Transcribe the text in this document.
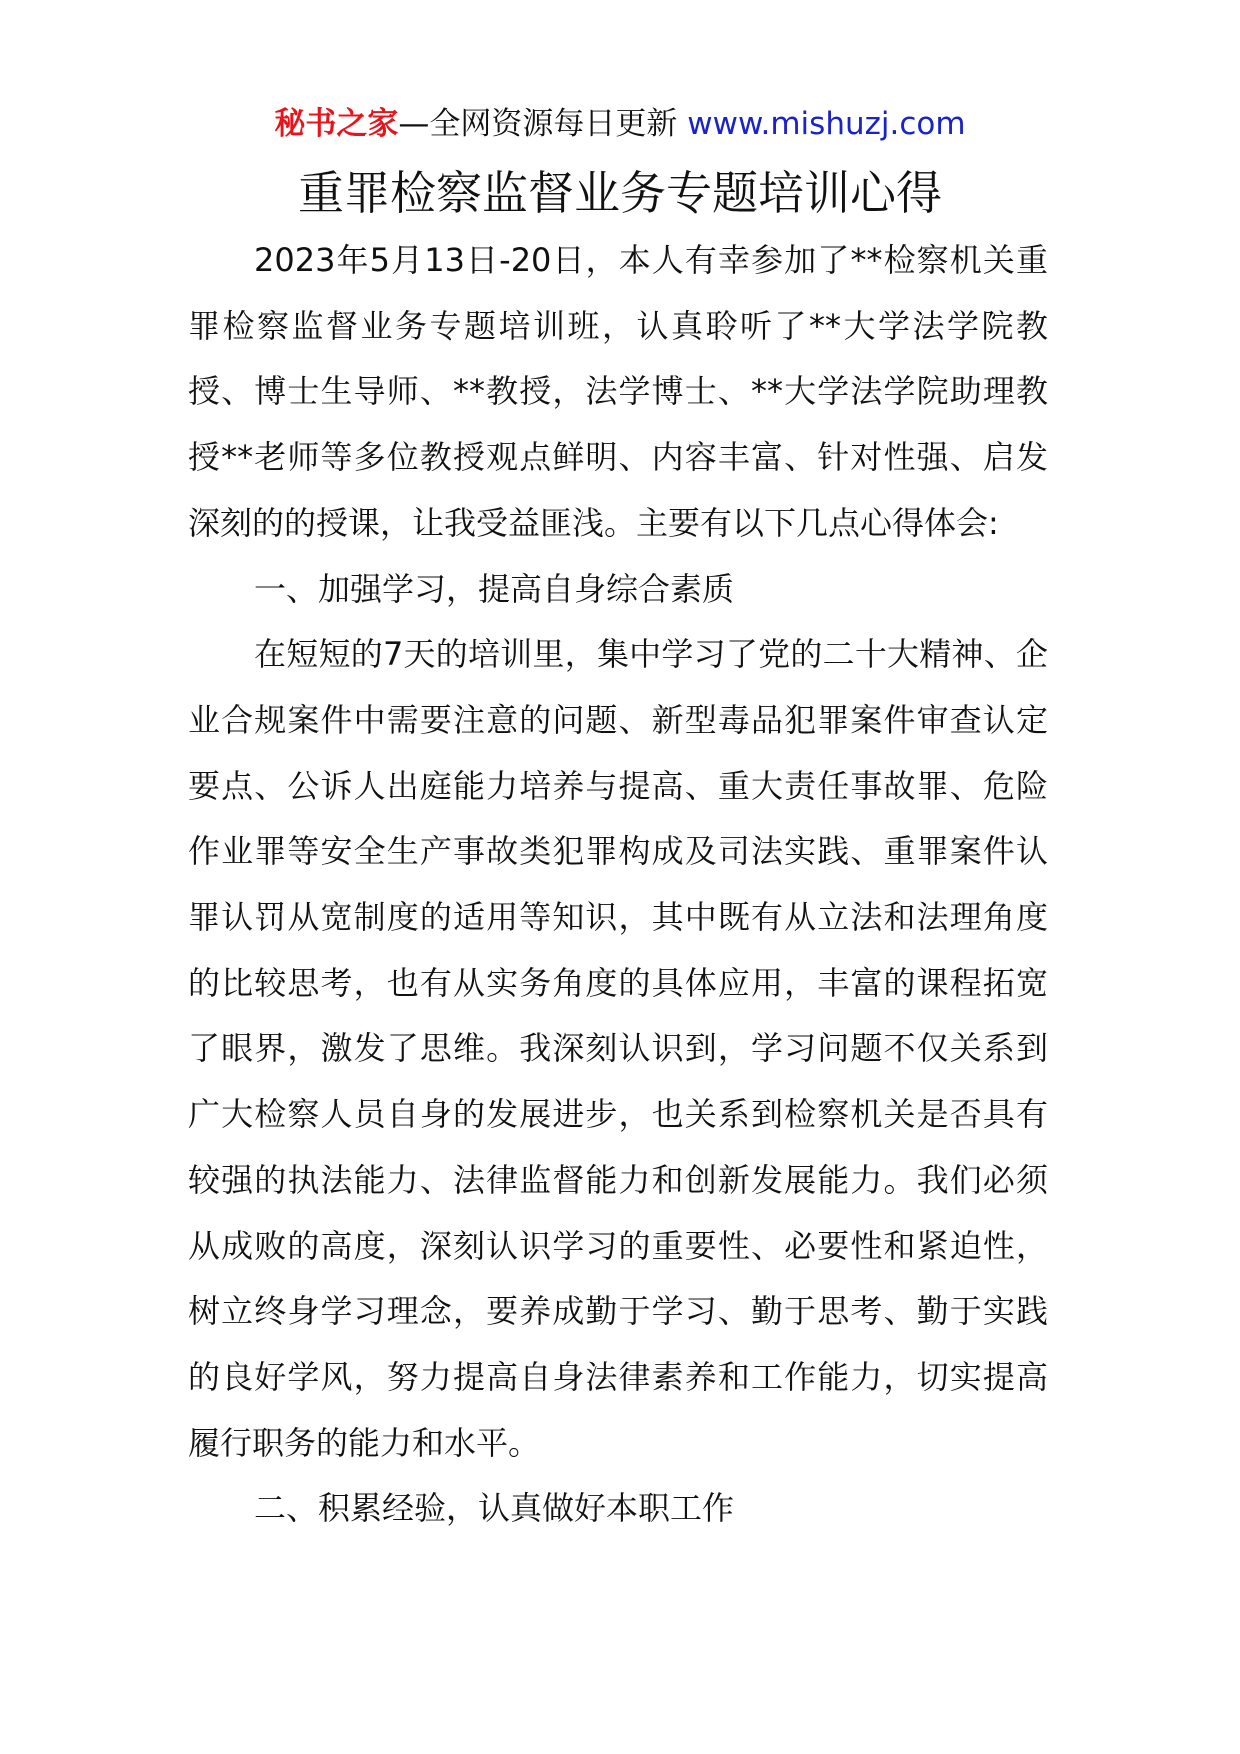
秘书之家—全网资源每日更新 www.mishuzj.com
重罪检察监督业务专题培训心得

2023年5月13日-20日，本人有幸参加了**检察机关重罪检察监督业务专题培训班，认真聆听了**大学法学院教授、博士生导师、**教授，法学博士、**大学法学院助理教授**老师等多位教授观点鲜明、内容丰富、针对性强、启发深刻的的授课，让我受益匪浅。主要有以下几点心得体会:

一、加强学习，提高自身综合素质

在短短的7天的培训里，集中学习了党的二十大精神、企业合规案件中需要注意的问题、新型毒品犯罪案件审查认定要点、公诉人出庭能力培养与提高、重大责任事故罪、危险作业罪等安全生产事故类犯罪构成及司法实践、重罪案件认罪认罚从宽制度的适用等知识，其中既有从立法和法理角度的比较思考，也有从实务角度的具体应用，丰富的课程拓宽了眼界，激发了思维。我深刻认识到，学习问题不仅关系到广大检察人员自身的发展进步，也关系到检察机关是否具有较强的执法能力、法律监督能力和创新发展能力。我们必须从成败的高度，深刻认识学习的重要性、必要性和紧迫性，树立终身学习理念，要养成勤于学习、勤于思考、勤于实践的良好学风，努力提高自身法律素养和工作能力，切实提高履行职务的能力和水平。

二、积累经验，认真做好本职工作
